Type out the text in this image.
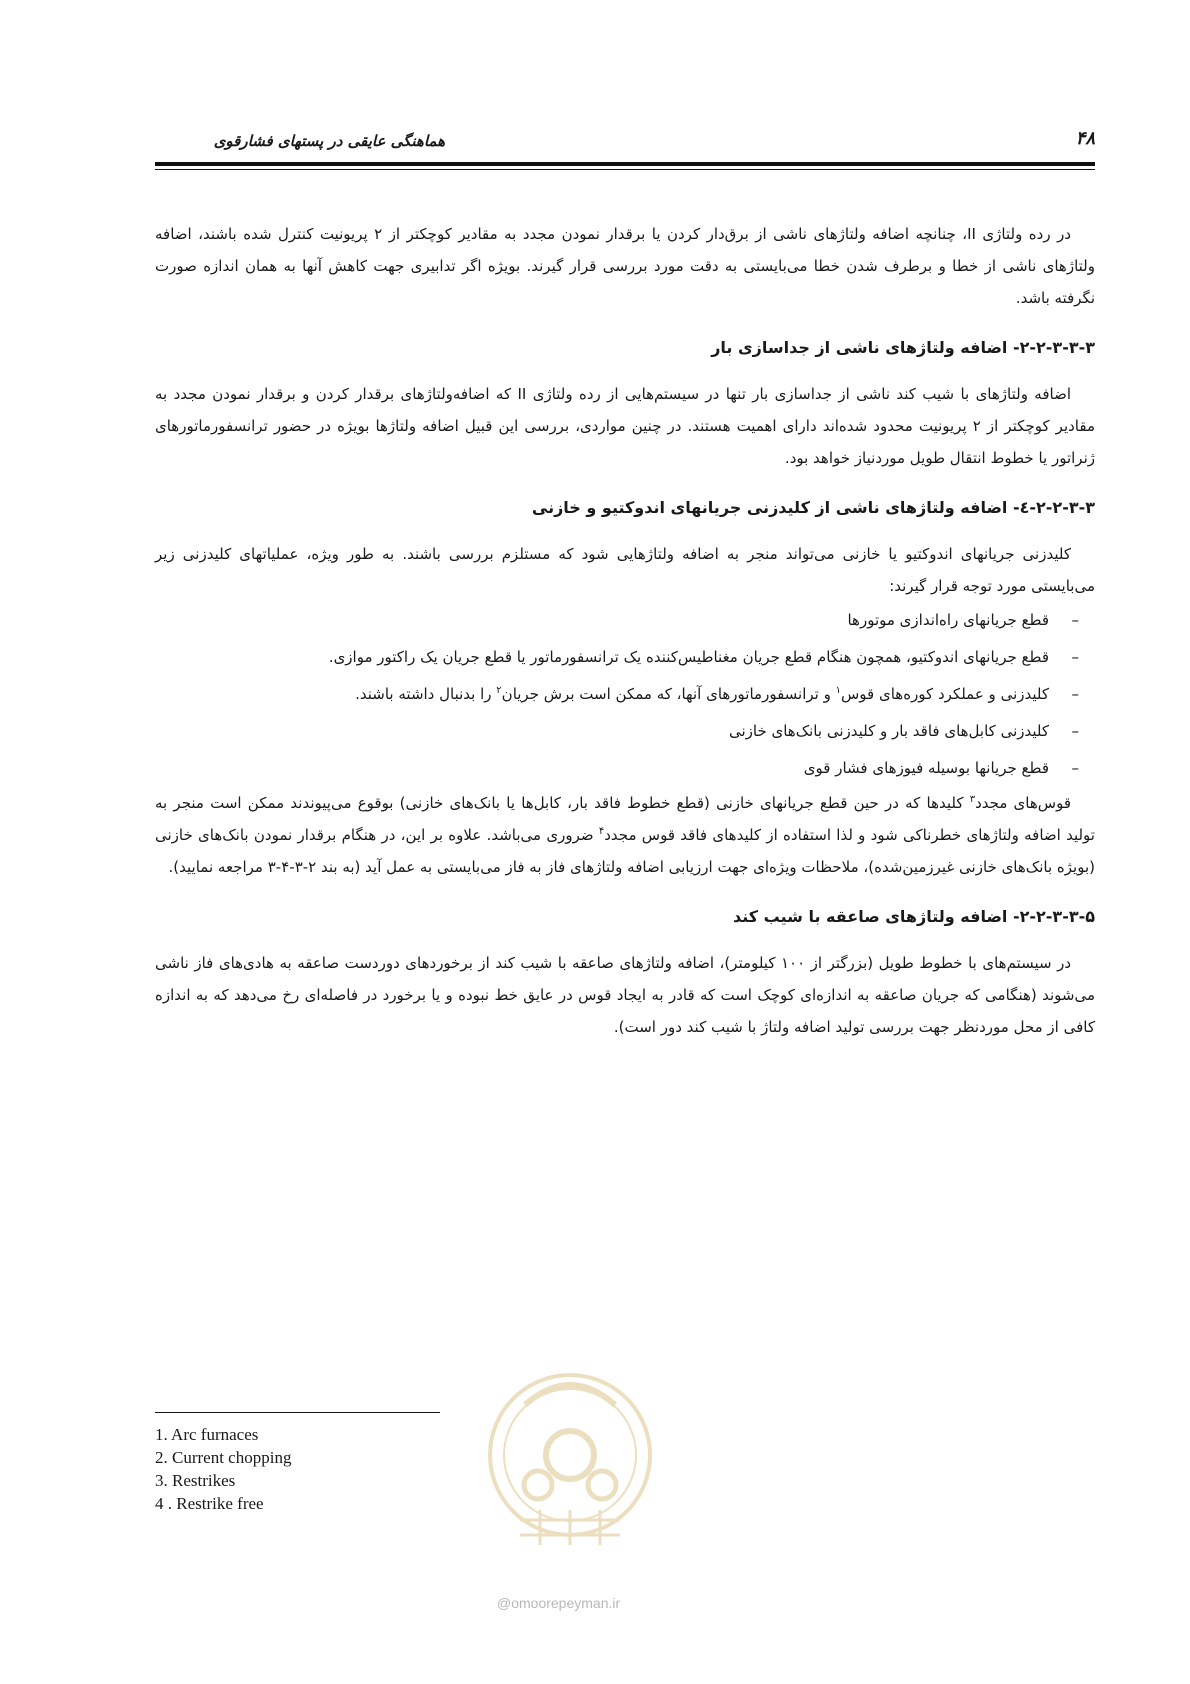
هماهنگی عایقی در پستهای فشارقوی	۴۸

در رده ولتاژی II، چنانچه اضافه ولتاژهای ناشی از برق‌دار کردن یا برقدار نمودن مجدد به مقادیر کوچکتر از ۲ پریونیت کنترل شده باشند، اضافه ولتاژهای ناشی از خطا و برطرف شدن خطا می‌بایستی به دقت مورد بررسی قرار گیرند. بویژه اگر تدابیری جهت کاهش آنها به همان اندازه صورت نگرفته باشد.

۲-۲-۳-۳-۳- اضافه ولتاژهای ناشی از جداسازی بار

اضافه ولتاژهای با شیب کند ناشی از جداسازی بار تنها در سیستم‌هایی از رده ولتاژی II که اضافه‌ولتاژهای برقدار کردن و برقدار نمودن مجدد به مقادیر کوچکتر از ۲ پریونیت محدود شده‌اند دارای اهمیت هستند. در چنین مواردی، بررسی این قبیل اضافه ولتاژها بویژه در حضور ترانسفورماتورهای ژنراتور یا خطوط انتقال طویل موردنیاز خواهد بود.

۲-۲-۳-۳-٤- اضافه ولتاژهای ناشی از کلیدزنی جریانهای اندوکتیو و خازنی

کلیدزنی جریانهای اندوکتیو یا خازنی می‌تواند منجر به اضافه ولتاژهایی شود که مستلزم بررسی باشند. به طور ویژه، عملیاتهای کلیدزنی زیر می‌بایستی مورد توجه قرار گیرند:

–
قطع جریانهای راه‌اندازی موتورها
–
قطع جریانهای اندوکتیو، همچون هنگام قطع جریان مغناطیس‌کننده یک ترانسفورماتور یا قطع جریان یک راکتور موازی.
–
کلیدزنی و عملکرد کوره‌های قوس$^۱$ و ترانسفورماتورهای آنها، که ممکن است برش جریان$^۲$ را بدنبال داشته باشند.
–
کلیدزنی کابل‌های فاقد بار و کلیدزنی بانک‌های خازنی
–
قطع جریانها بوسیله فیوزهای فشار قوی

قوس‌های مجدد$^۳$ کلیدها که در حین قطع جریانهای خازنی (قطع خطوط فاقد بار، کابل‌ها یا بانک‌های خازنی) بوقوع می‌پیوندند ممکن است منجر به تولید اضافه ولتاژهای خطرناکی شود و لذا استفاده از کلیدهای فاقد قوس مجدد$^۴$ ضروری می‌باشد. علاوه بر این، در هنگام برقدار نمودن بانک‌های خازنی (بویژه بانک‌های خازنی غیرزمین‌شده)، ملاحظات ویژه‌ای جهت ارزیابی اضافه ولتاژهای فاز به فاز می‌بایستی به عمل آید (به بند ۲-۳-۴-۳ مراجعه نمایید).

۲-۲-۳-۳-۵- اضافه ولتاژهای صاعقه با شیب کند

در سیستم‌های با خطوط طویل (بزرگتر از ۱۰۰ کیلومتر)، اضافه ولتاژهای صاعقه با شیب کند از برخوردهای دوردست صاعقه به هادی‌های فاز ناشی می‌شوند (هنگامی که جریان صاعقه به اندازه‌ای کوچک است که قادر به ایجاد قوس در عایق خط نبوده و یا برخورد در فاصله‌ای رخ می‌دهد که به اندازه کافی از محل موردنظر جهت بررسی تولید اضافه ولتاژ با شیب کند دور است).

@omoorepeyman.ir
1. Arc furnaces
2. Current chopping
3. Restrikes
4 . Restrike free
